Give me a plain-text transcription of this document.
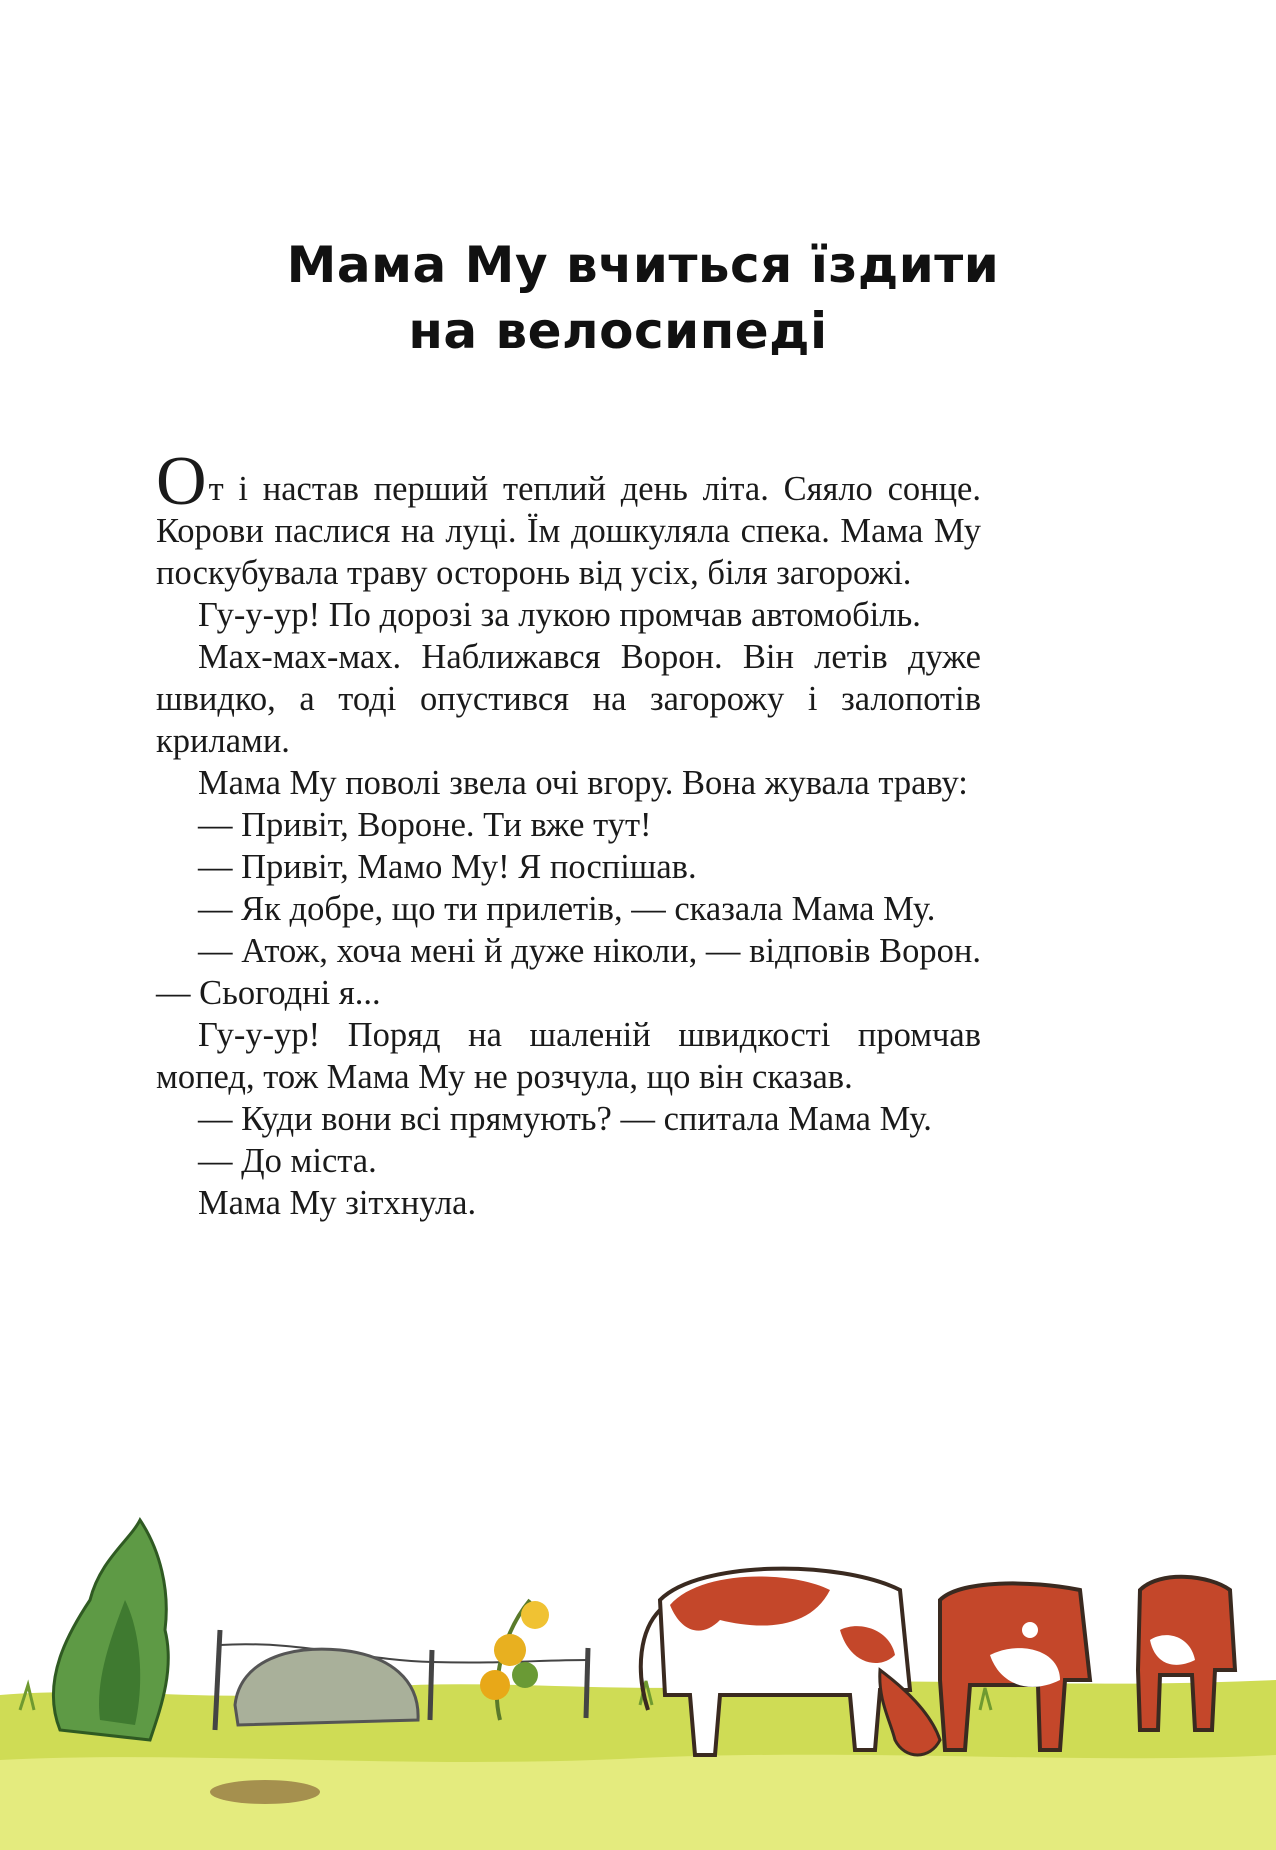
Мама Му вчиться їздити
на велосипеді

От і настав перший теплий день літа. Сяяло сонце. Корови паслися на луці. Їм дошкуляла спека. Мама Му поскубувала траву осторонь від усіх, біля загорожі.

Гу-у-ур! По дорозі за лукою промчав автомобіль.

Мах-мах-мах. Наближався Ворон. Він летів дуже швидко, а тоді опустився на загорожу і залопотів крилами.

Мама Му поволі звела очі вгору. Вона жувала траву:

— Привіт, Вороне. Ти вже тут!

— Привіт, Мамо Му! Я поспішав.

— Як добре, що ти прилетів, — сказала Мама Му.

— Атож, хоча мені й дуже ніколи, — відповів Ворон. — Сьогодні я...

Гу-у-ур! Поряд на шаленій швидкості промчав мопед, тож Мама Му не розчула, що він сказав.

— Куди вони всі прямують? — спитала Мама Му.

— До міста.

Мама Му зітхнула.
